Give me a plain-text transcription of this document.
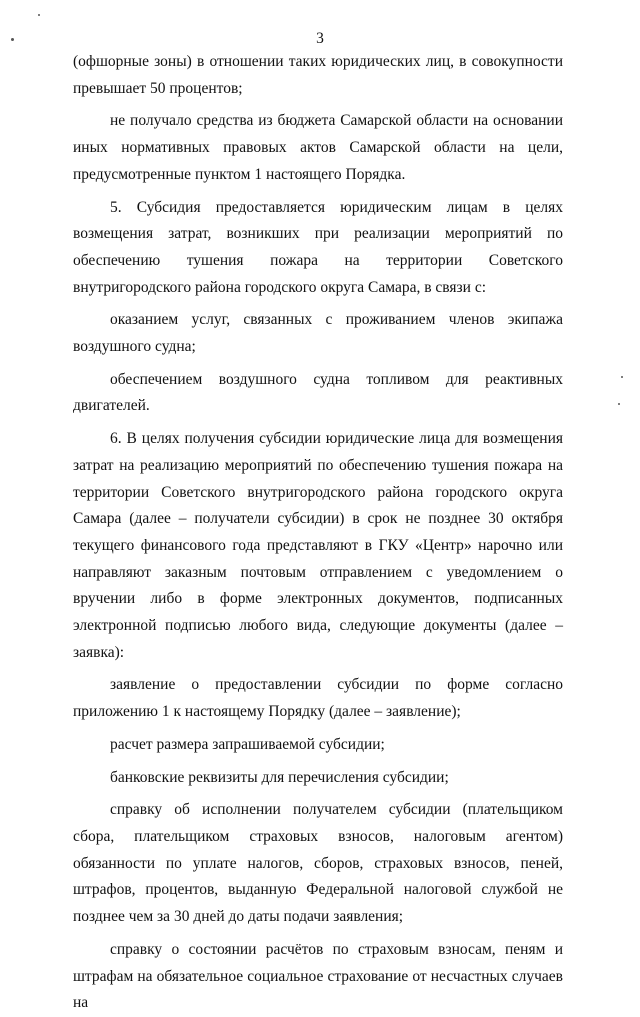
3

(офшорные зоны) в отношении таких юридических лиц, в совокупности превышает 50 процентов;

не получало средства из бюджета Самарской области на основании иных нормативных правовых актов Самарской области на цели, предусмотренные пунктом 1 настоящего Порядка.

5. Субсидия предоставляется юридическим лицам в целях возмещения затрат, возникших при реализации мероприятий по обеспечению тушения пожара на территории Советского внутригородского района городского округа Самара, в связи с:

оказанием услуг, связанных с проживанием членов экипажа воздушного судна;

обеспечением воздушного судна топливом для реактивных двигателей.

6. В целях получения субсидии юридические лица для возмещения затрат на реализацию мероприятий по обеспечению тушения пожара на территории Советского внутригородского района городского округа Самара (далее – получатели субсидии) в срок не позднее 30 октября текущего финансового года представляют в ГКУ «Центр» нарочно или направляют заказным почтовым отправлением с уведомлением о вручении либо в форме электронных документов, подписанных электронной подписью любого вида, следующие документы (далее – заявка):

заявление о предоставлении субсидии по форме согласно приложению 1 к настоящему Порядку (далее – заявление);

расчет размера запрашиваемой субсидии;

банковские реквизиты для перечисления субсидии;

справку об исполнении получателем субсидии (плательщиком сбора, плательщиком страховых взносов, налоговым агентом) обязанности по уплате налогов, сборов, страховых взносов, пеней, штрафов, процентов, выданную Федеральной налоговой службой не позднее чем за 30 дней до даты подачи заявления;

справку о состоянии расчётов по страховым взносам, пеням и штрафам на обязательное социальное страхование от несчастных случаев на
